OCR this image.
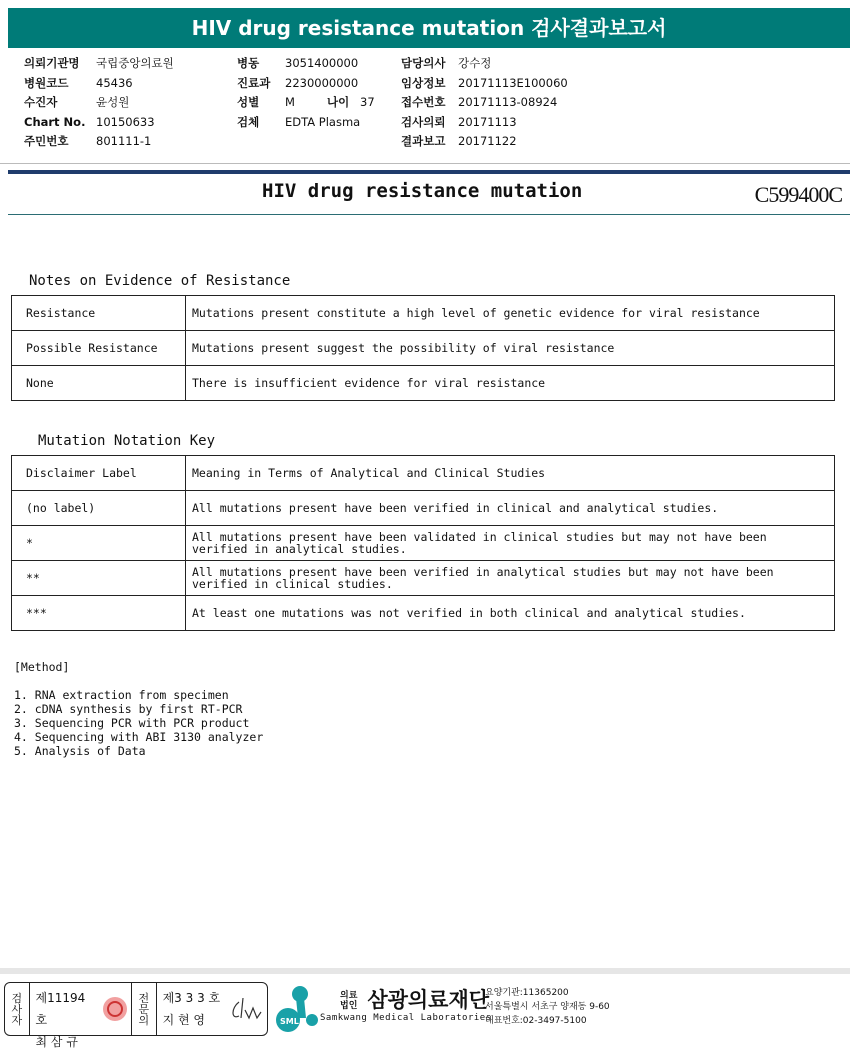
HIV drug resistance mutation 검사결과보고서
의뢰기관명	국립중앙의료원
병원코드	45436
수진자	윤성원
Chart No. 10150633
주민번호	801111-1
병동	3051400000
진료과	2230000000
성별	M	나이 37
검체	EDTA Plasma
담당의사	강수정
임상정보	20171113E100060
접수번호	20171113-08924
검사의뢰	20171113
결과보고	20171122
HIV drug resistance mutation	C599400C
Notes on Evidence of Resistance
Resistance	Mutations present constitute a high level of genetic evidence for viral resistance
Possible Resistance	Mutations present suggest the possibility of viral resistance
None	There is insufficient evidence for viral resistance
Mutation Notation Key
Disclaimer Label	Meaning in Terms of Analytical and Clinical Studies
(no label)	All mutations present have been verified in clinical and analytical studies.
*	All mutations present have been validated in clinical studies but may not have been verified in analytical studies.
**	All mutations present have been verified in analytical studies but may not have been verified in clinical studies.
***	At least one mutations was not verified in both clinical and analytical studies.
[Method]
1. RNA extraction from specimen
2. cDNA synthesis by first RT-PCR
3. Sequencing PCR with PCR product
4. Sequencing with ABI 3130 analyzer
5. Analysis of Data
검사자
제11194호
최 삼 규
전문의
제3 3 3 호
지 현 영	SML
의료법인 삼광의료재단
Samkwang Medical Laboratories
요양기관:11365200
서울특별시 서초구 양재동 9-60
대표번호:02-3497-5100
